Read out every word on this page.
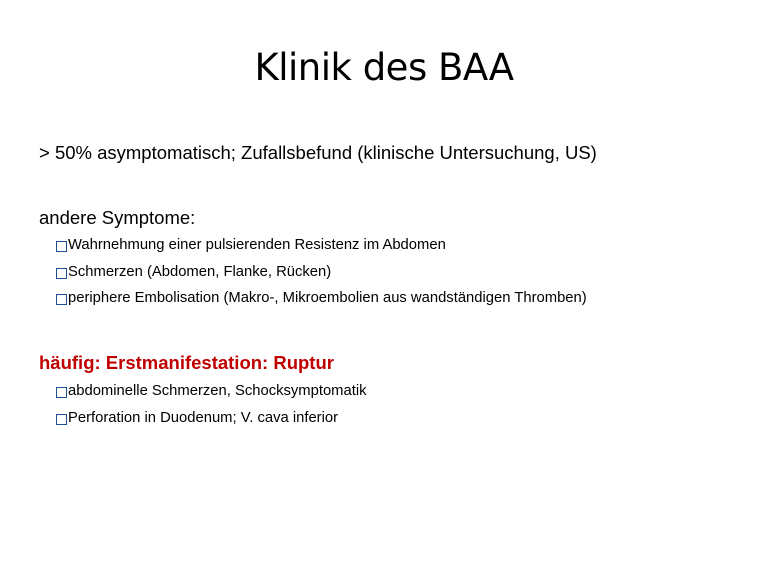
Klinik des BAA

> 50% asymptomatisch; Zufallsbefund (klinische Untersuchung, US)

andere Symptome:

Wahrnehmung einer pulsierenden Resistenz im Abdomen
Schmerzen (Abdomen, Flanke, Rücken)
periphere Embolisation (Makro-, Mikroembolien aus wandständigen Thromben)

häufig: Erstmanifestation: Ruptur

abdominelle Schmerzen, Schocksymptomatik
Perforation in Duodenum; V. cava inferior
